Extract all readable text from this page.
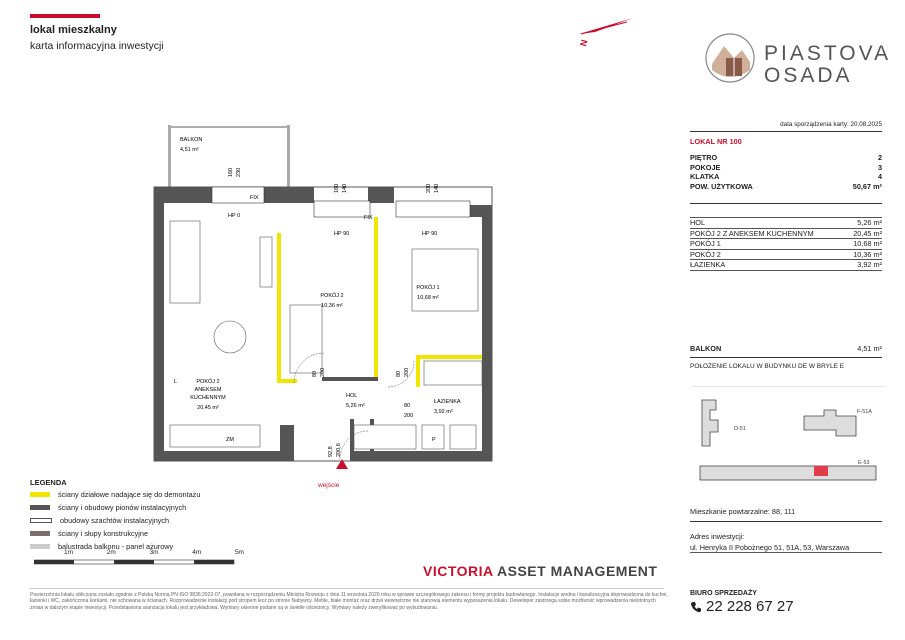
lokal mieszkalny
karta informacyjna inwestycji	N	PIASTOVA
OSADA
data sporządzenia karty: 20.08.2025
LOKAL NR 100
PIĘTRO	2
POKOJE	3
KLATKA	4
POW. UŻYTKOWA	50,67 m²
HOL	5,26 m²
POKÓJ 2 Z ANEKSEM KUCHENNYM	20,45 m²
POKÓJ 1	10,68 m²
POKÓJ 2	10,36 m²
ŁAZIENKA	3,92 m²
BALKON	4,51 m²
POŁOŻENIE LOKALU W BUDYNKU DE W BRYLE E
D-51
F-51A
E-53
Mieszkanie powtarzalne: 88, 111
Adres inwestycji:
ul. Henryka II Pobożnego 51, 51A, 53, Warszawa
BIURO SPRZEDAŻY
22 228 67 27
BALKON
4,51 m²
HP 0
FIX
FIX
HP 90	HP 90
POKÓJ 2
ANEKSEM
KUCHENNYM
20,45 m²
POKÓJ 2
10,36 m²
POKÓJ 1
10,68 m²
HOL
5,26 m²
ŁAZIENKA
3,92 m²
ZM	P
L
80
200
160 230
160 140	200 140
80 200	80 200
92,8 200,6
wejście
LEGENDA
ściany działowe nadające się do demontażu
ściany i obudowy pionów instalacyjnych
obudowy szachtów instalacyjnych
ściany i słupy konstrukcyjne
balustrada balkonu - panel ażurowy
1m	2m	3m	4m	5m
VICTORIA ASSET MANAGEMENT
Powierzchnia lokalu obliczona zostało zgodnie z Polską Normą PN-ISO 9836:2022-07, powołaną w rozporządzeniu Ministra Rozwoju z dnia 11 września 2020 roku w sprawie szczegółowego zakresu i formy projektu budowlanego. Instalacje wodna i kanalizacyjna doprowadzona do kuchni, łazienki i WC, zakończona korkami, nie schowana w ścianach. Rozprowadzenie instalacji pod stropem lecz po stronie Nabywcy. Meble, białe montaż oraz drzwi wewnętrzne nie stanowią elementu wyposażenia lokalu. Deweloper zastrzega sobie możliwość wprowadzenia nieistotnych zmian w dalszym etapie inwestycji. Przedstawiona aranżacja lokalu jest przykładowa. Wymiary okienne podane są w świetle ościeżnicy. Wymiary należy zweryfikować po wybudowaniu.
